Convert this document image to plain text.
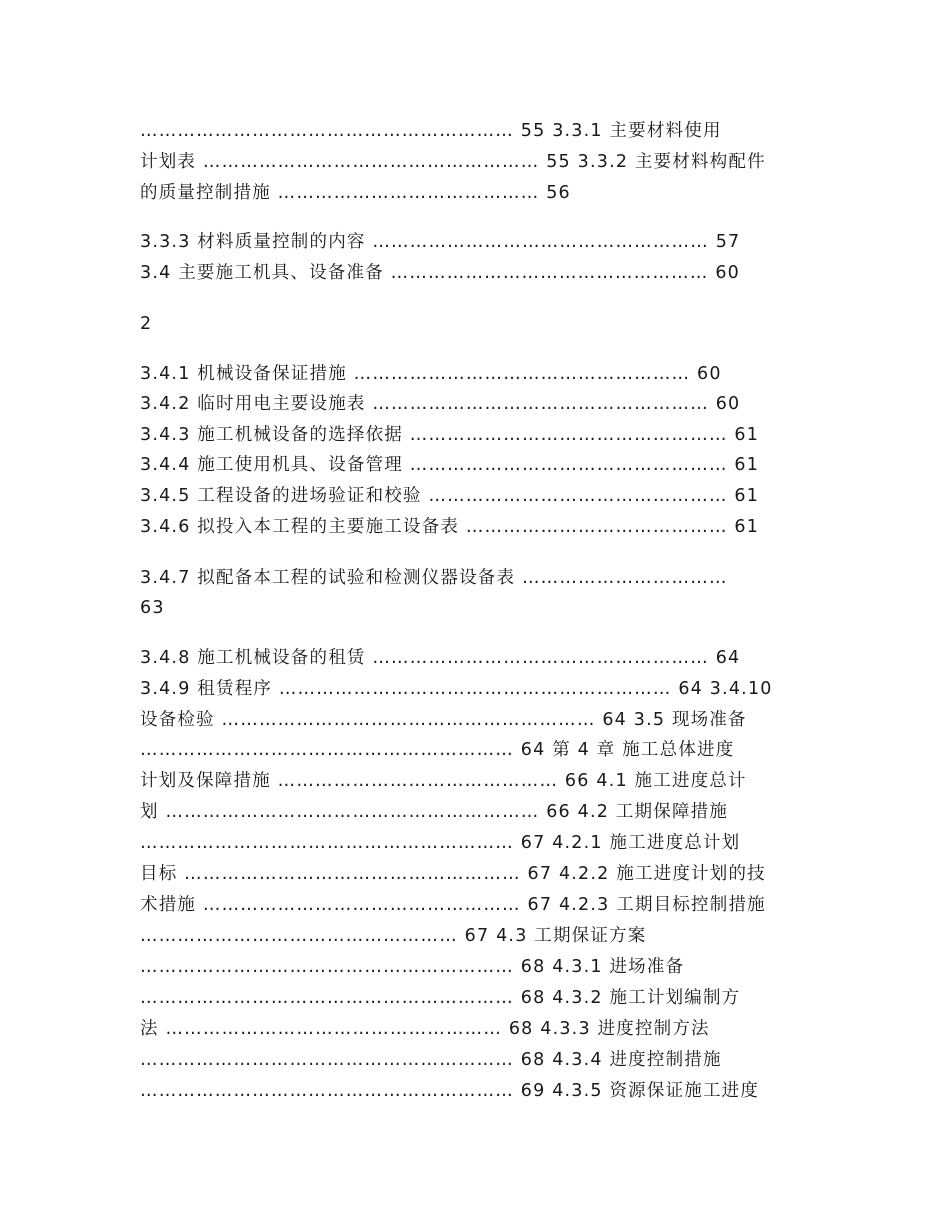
…………………………………………………… 55 3.3.1 主要材料使用
计划表 ……………………………………………… 55 3.3.2 主要材料构配件
的质量控制措施 …………………………………… 56
3.3.3 材料质量控制的内容 ……………………………………………… 57
3.4 主要施工机具、设备准备 …………………………………………… 60
2
3.4.1 机械设备保证措施 ……………………………………………… 60
3.4.2 临时用电主要设施表 ……………………………………………… 60
3.4.3 施工机械设备的选择依据 …………………………………………… 61
3.4.4 施工使用机具、设备管理 …………………………………………… 61
3.4.5 工程设备的进场验证和校验 ………………………………………… 61
3.4.6 拟投入本工程的主要施工设备表 …………………………………… 61
3.4.7 拟配备本工程的试验和检测仪器设备表 ……………………………
63
3.4.8 施工机械设备的租赁 ……………………………………………… 64
3.4.9 租赁程序 ……………………………………………………… 64 3.4.10
设备检验 …………………………………………………… 64 3.5 现场准备
…………………………………………………… 64 第 4 章 施工总体进度
计划及保障措施 ……………………………………… 66 4.1 施工进度总计
划 …………………………………………………… 66 4.2 工期保障措施
…………………………………………………… 67 4.2.1 施工进度总计划
目标 ……………………………………………… 67 4.2.2 施工进度计划的技
术措施 …………………………………………… 67 4.2.3 工期目标控制措施
…………………………………………… 67 4.3 工期保证方案
…………………………………………………… 68 4.3.1 进场准备
…………………………………………………… 68 4.3.2 施工计划编制方
法 ……………………………………………… 68 4.3.3 进度控制方法
…………………………………………………… 68 4.3.4 进度控制措施
…………………………………………………… 69 4.3.5 资源保证施工进度
